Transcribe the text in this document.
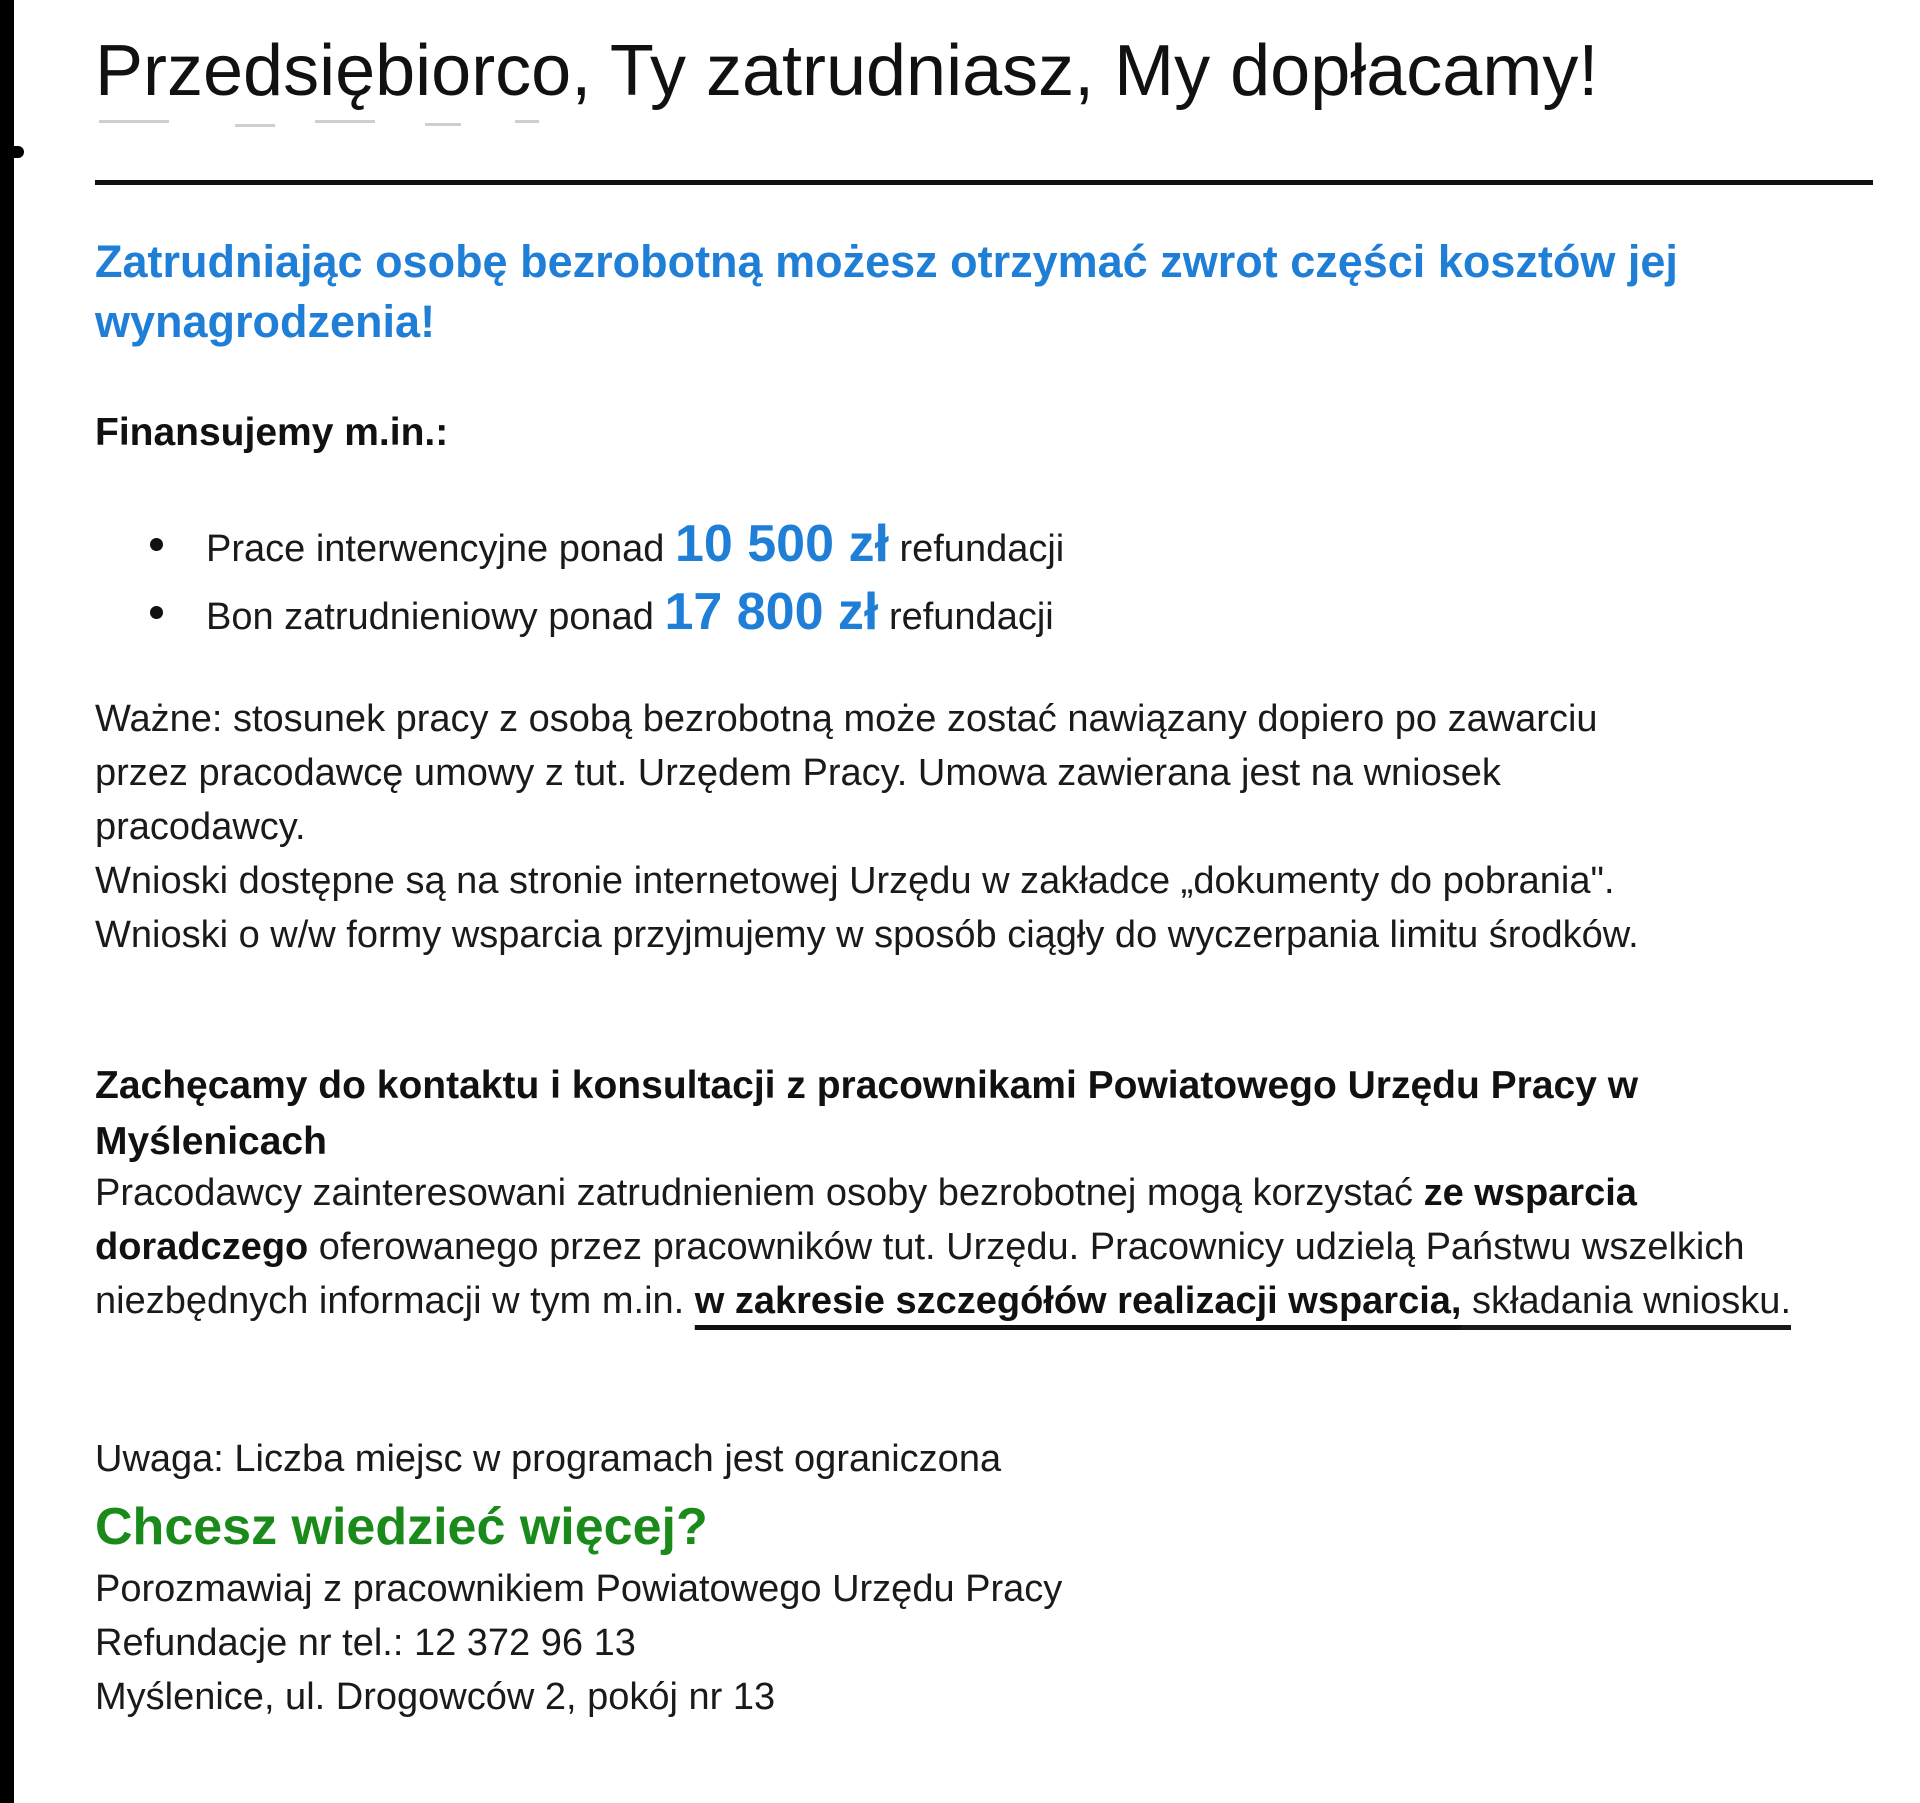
Przedsiębiorco, Ty zatrudniasz, My dopłacamy!
Zatrudniając osobę bezrobotną możesz otrzymać zwrot części kosztów jej wynagrodzenia!
Finansujemy m.in.:
Prace interwencyjne ponad 10 500 zł refundacji
Bon zatrudnieniowy ponad 17 800 zł refundacji
Ważne: stosunek pracy z osobą bezrobotną może zostać nawiązany dopiero po zawarciu
przez pracodawcę umowy z tut. Urzędem Pracy. Umowa zawierana jest na wniosek
pracodawcy.
Wnioski dostępne są na stronie internetowej Urzędu w zakładce „dokumenty do pobrania".
Wnioski o w/w formy wsparcia przyjmujemy w sposób ciągły do wyczerpania limitu środków.
Zachęcamy do kontaktu i konsultacji z pracownikami Powiatowego Urzędu Pracy w Myślenicach
Pracodawcy zainteresowani zatrudnieniem osoby bezrobotnej mogą korzystać ze wsparcia doradczego oferowanego przez pracowników tut. Urzędu. Pracownicy udzielą Państwu wszelkich niezbędnych informacji w tym m.in. w zakresie szczegółów realizacji wsparcia, składania wniosku.
Uwaga: Liczba miejsc w programach jest ograniczona
Chcesz wiedzieć więcej?
Porozmawiaj z pracownikiem Powiatowego Urzędu Pracy
Refundacje nr tel.: 12 372 96 13
Myślenice, ul. Drogowców 2, pokój nr 13
